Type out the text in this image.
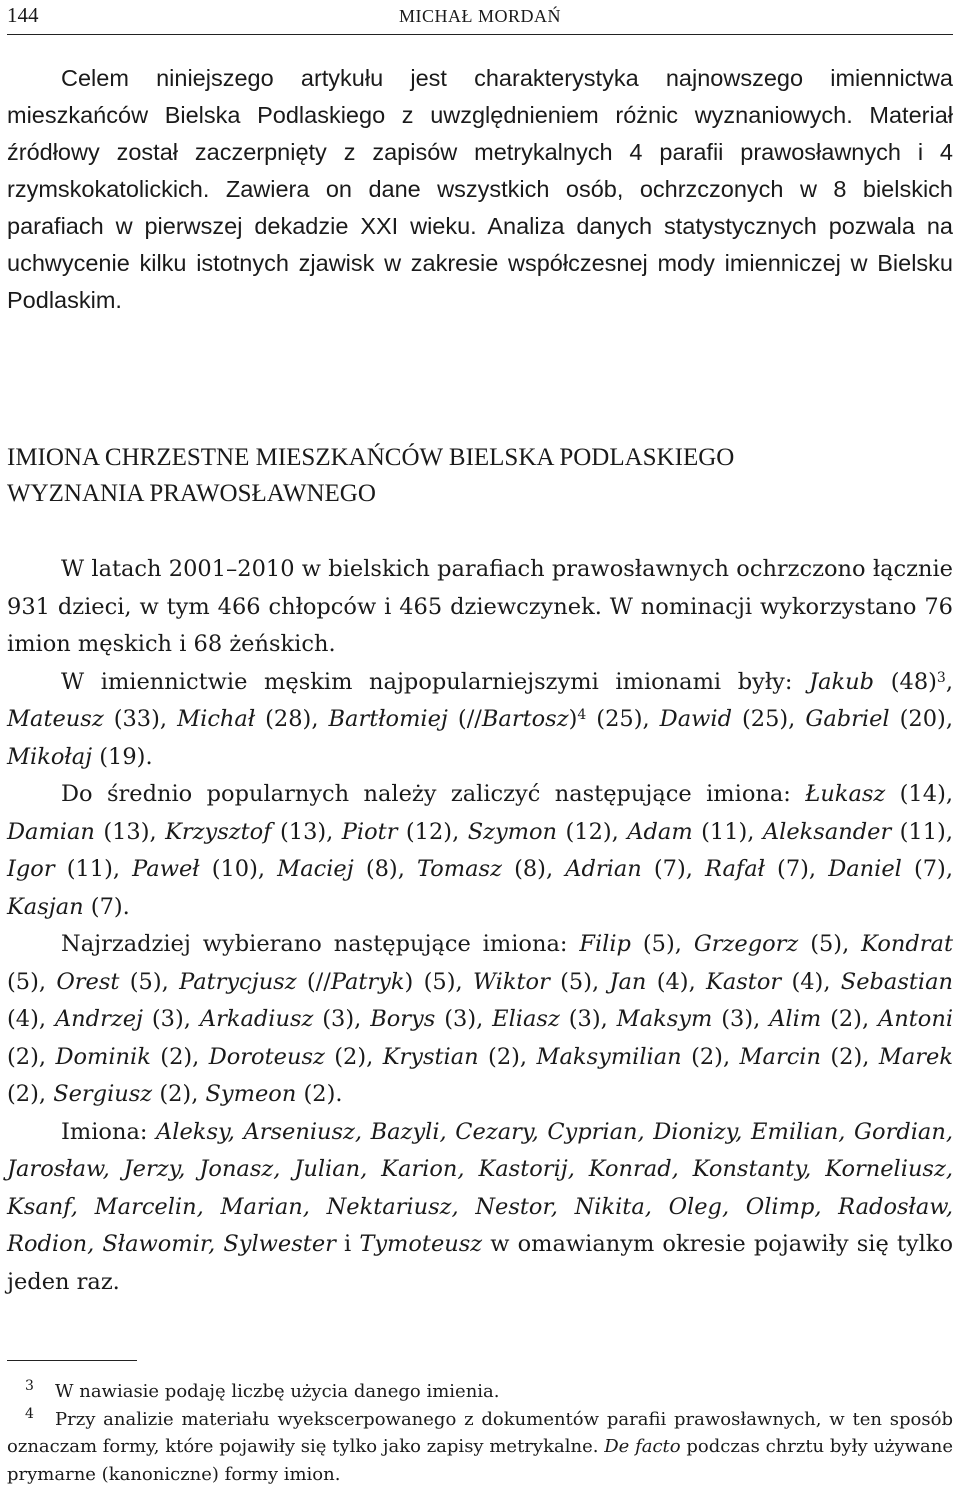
144	MICHAŁ MORDAŃ

Celem niniejszego artykułu jest charakterystyka najnowszego imiennictwa mieszkańców Bielska Podlaskiego z uwzględnieniem różnic wyznaniowych. Materiał źródłowy został zaczerpnięty z zapisów metrykalnych 4 parafii prawosławnych i 4 rzymskokatolickich. Zawiera on dane wszystkich osób, ochrzczonych w 8 bielskich parafiach w pierwszej dekadzie XXI wieku. Analiza danych statystycznych pozwala na uchwycenie kilku istotnych zjawisk w zakresie współczesnej mody imienniczej w Bielsku Podlaskim.

IMIONA CHRZESTNE MIESZKAŃCÓW BIELSKA PODLASKIEGO
WYZNANIA PRAWOSŁAWNEGO

W latach 2001–2010 w bielskich parafiach prawosławnych ochrzczono łącznie 931 dzieci, w tym 466 chłopców i 465 dziewczynek. W nominacji wykorzystano 76 imion męskich i 68 żeńskich.

W imiennictwie męskim najpopularniejszymi imionami były: Jakub $(48)^3$, Mateusz (33), Michał (28), Bartłomiej (//Bartosz)$^4$ (25), Dawid (25), Gabriel (20), Mikołaj (19).

Do średnio popularnych należy zaliczyć następujące imiona: Łukasz (14), Damian (13), Krzysztof (13), Piotr (12), Szymon (12), Adam (11), Aleksander (11), Igor (11), Paweł (10), Maciej (8), Tomasz (8), Adrian (7), Rafał (7), Daniel (7), Kasjan (7).

Najrzadziej wybierano następujące imiona: Filip (5), Grzegorz (5), Kondrat (5), Orest (5), Patrycjusz (//Patryk) (5), Wiktor (5), Jan (4), Kastor (4), Sebastian (4), Andrzej (3), Arkadiusz (3), Borys (3), Eliasz (3), Maksym (3), Alim (2), Antoni (2), Dominik (2), Doroteusz (2), Krystian (2), Maksymilian (2), Marcin (2), Marek (2), Sergiusz (2), Symeon (2).

Imiona: Aleksy, Arseniusz, Bazyli, Cezary, Cyprian, Dionizy, Emilian, Gordian, Jarosław, Jerzy, Jonasz, Julian, Karion, Kastorij, Konrad, Konstanty, Korneliusz, Ksanf, Marcelin, Marian, Nektariusz, Nestor, Nikita, Oleg, Olimp, Radosław, Rodion, Sławomir, Sylwester i Tymoteusz w omawianym okresie pojawiły się tylko jeden raz.

$^3$ W nawiasie podaję liczbę użycia danego imienia.

$^4$ Przy analizie materiału wyekscerpowanego z dokumentów parafii prawosławnych, w ten sposób oznaczam formy, które pojawiły się tylko jako zapisy metrykalne. De facto podczas chrztu były używane prymarne (kanoniczne) formy imion.
